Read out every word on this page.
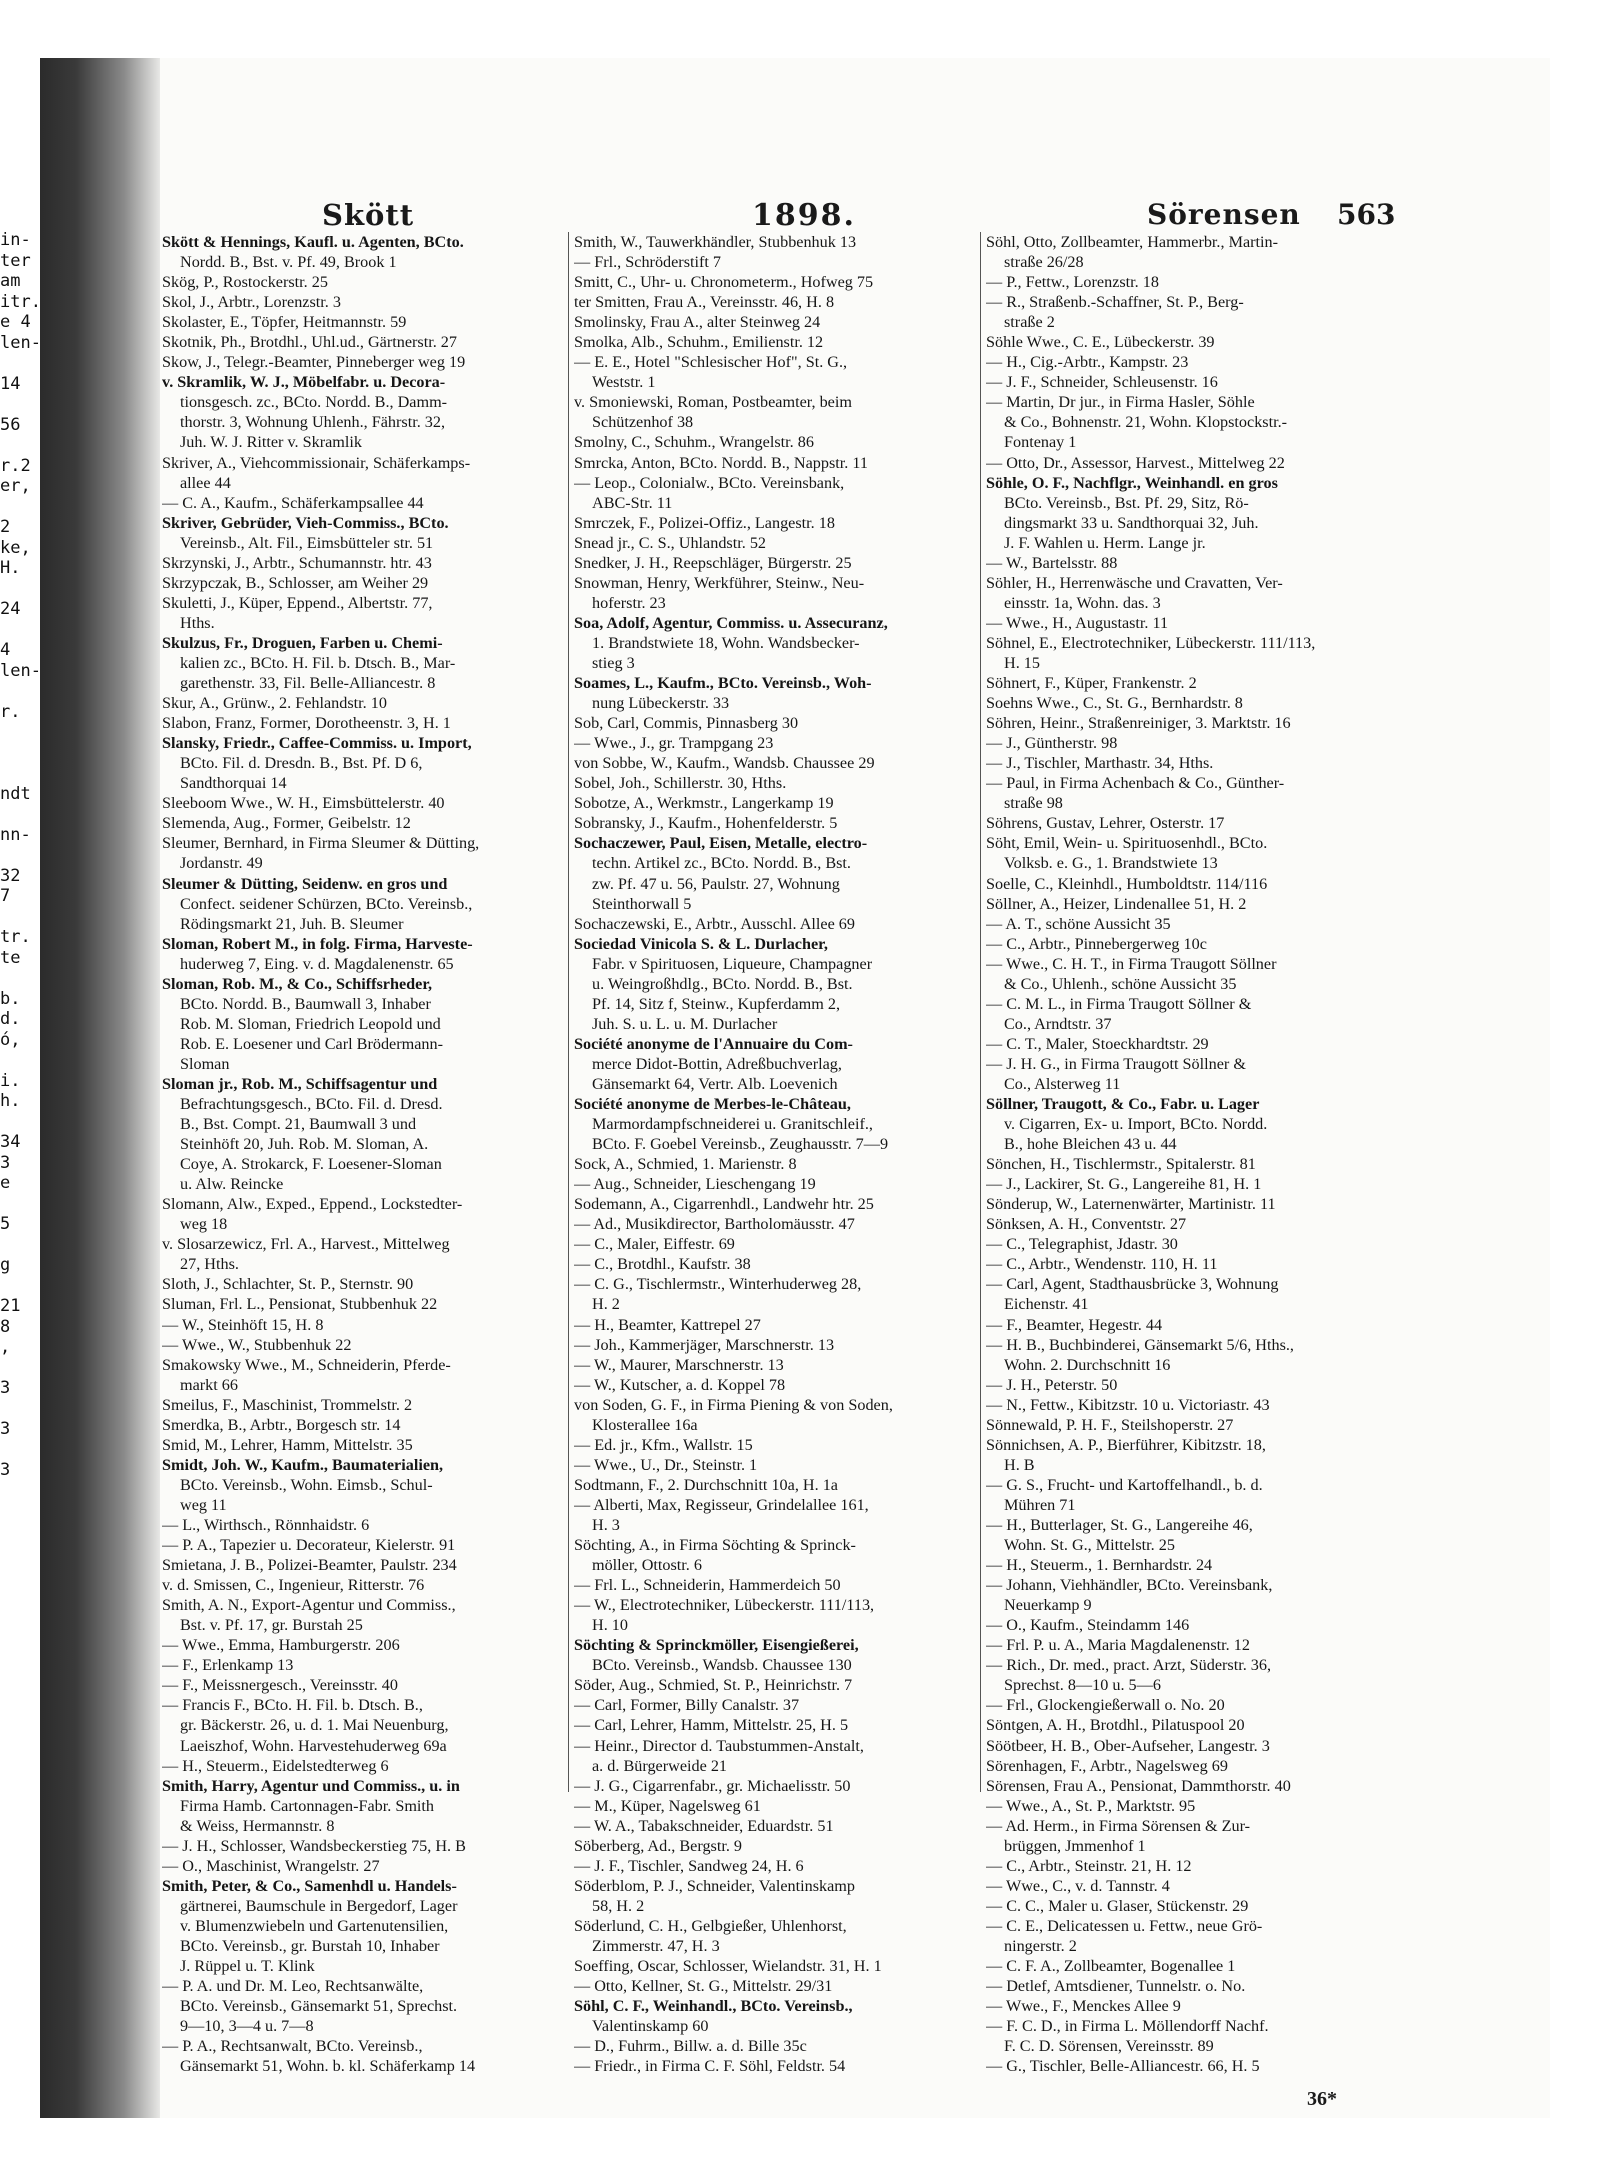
in-
ter
am
itr.
e 4
len-
14
56
r.2
er,
2
ke,
H.
24
4
len-
r.
ndt
nn-
32
7
tr.
te
b.
d.
ó,
i.
h.
34
3
e
5
g
21
8
,
3
3
3
Skött	1898.	Sörensen 563
Skött & Hennings, Kaufl. u. Agenten, BCto.
Nordd. B., Bst. v. Pf. 49, Brook 1
Skög, P., Rostockerstr. 25
Skol, J., Arbtr., Lorenzstr. 3
Skolaster, E., Töpfer, Heitmannstr. 59
Skotnik, Ph., Brotdhl., Uhl.ud., Gärtnerstr. 27
Skow, J., Telegr.-Beamter, Pinneberger weg 19
v. Skramlik, W. J., Möbelfabr. u. Decora-
tionsgesch. zc., BCto. Nordd. B., Damm-
thorstr. 3, Wohnung Uhlenh., Fährstr. 32,
Juh. W. J. Ritter v. Skramlik
Skriver, A., Viehcommissionair, Schäferkamps-
allee 44
— C. A., Kaufm., Schäferkampsallee 44
Skriver, Gebrüder, Vieh-Commiss., BCto.
Vereinsb., Alt. Fil., Eimsbütteler str. 51
Skrzynski, J., Arbtr., Schumannstr. htr. 43
Skrzypczak, B., Schlosser, am Weiher 29
Skuletti, J., Küper, Eppend., Albertstr. 77,
Hths.
Skulzus, Fr., Droguen, Farben u. Chemi-
kalien zc., BCto. H. Fil. b. Dtsch. B., Mar-
garethenstr. 33, Fil. Belle-Alliancestr. 8
Skur, A., Grünw., 2. Fehlandstr. 10
Slabon, Franz, Former, Dorotheenstr. 3, H. 1
Slansky, Friedr., Caffee-Commiss. u. Import,
BCto. Fil. d. Dresdn. B., Bst. Pf. D 6,
Sandthorquai 14
Sleeboom Wwe., W. H., Eimsbüttelerstr. 40
Slemenda, Aug., Former, Geibelstr. 12
Sleumer, Bernhard, in Firma Sleumer & Dütting,
Jordanstr. 49
Sleumer & Dütting, Seidenw. en gros und
Confect. seidener Schürzen, BCto. Vereinsb.,
Rödingsmarkt 21, Juh. B. Sleumer
Sloman, Robert M., in folg. Firma, Harveste-
huderweg 7, Eing. v. d. Magdalenenstr. 65
Sloman, Rob. M., & Co., Schiffsrheder,
BCto. Nordd. B., Baumwall 3, Inhaber
Rob. M. Sloman, Friedrich Leopold und
Rob. E. Loesener und Carl Brödermann-
Sloman
Sloman jr., Rob. M., Schiffsagentur und
Befrachtungsgesch., BCto. Fil. d. Dresd.
B., Bst. Compt. 21, Baumwall 3 und
Steinhöft 20, Juh. Rob. M. Sloman, A.
Coye, A. Strokarck, F. Loesener-Sloman
u. Alw. Reincke
Slomann, Alw., Exped., Eppend., Lockstedter-
weg 18
v. Slosarzewicz, Frl. A., Harvest., Mittelweg
27, Hths.
Sloth, J., Schlachter, St. P., Sternstr. 90
Sluman, Frl. L., Pensionat, Stubbenhuk 22
— W., Steinhöft 15, H. 8
— Wwe., W., Stubbenhuk 22
Smakowsky Wwe., M., Schneiderin, Pferde-
markt 66
Smeilus, F., Maschinist, Trommelstr. 2
Smerdka, B., Arbtr., Borgesch str. 14
Smid, M., Lehrer, Hamm, Mittelstr. 35
Smidt, Joh. W., Kaufm., Baumaterialien,
BCto. Vereinsb., Wohn. Eimsb., Schul-
weg 11
— L., Wirthsch., Rönnhaidstr. 6
— P. A., Tapezier u. Decorateur, Kielerstr. 91
Smietana, J. B., Polizei-Beamter, Paulstr. 234
v. d. Smissen, C., Ingenieur, Ritterstr. 76
Smith, A. N., Export-Agentur und Commiss.,
Bst. v. Pf. 17, gr. Burstah 25
— Wwe., Emma, Hamburgerstr. 206
— F., Erlenkamp 13
— F., Meissnergesch., Vereinsstr. 40
— Francis F., BCto. H. Fil. b. Dtsch. B.,
gr. Bäckerstr. 26, u. d. 1. Mai Neuenburg,
Laeiszhof, Wohn. Harvestehuderweg 69a
— H., Steuerm., Eidelstedterweg 6
Smith, Harry, Agentur und Commiss., u. in
Firma Hamb. Cartonnagen-Fabr. Smith
& Weiss, Hermannstr. 8
— J. H., Schlosser, Wandsbeckerstieg 75, H. B
— O., Maschinist, Wrangelstr. 27
Smith, Peter, & Co., Samenhdl u. Handels-
gärtnerei, Baumschule in Bergedorf, Lager
v. Blumenzwiebeln und Gartenutensilien,
BCto. Vereinsb., gr. Burstah 10, Inhaber
J. Rüppel u. T. Klink
— P. A. und Dr. M. Leo, Rechtsanwälte,
BCto. Vereinsb., Gänsemarkt 51, Sprechst.
9—10, 3—4 u. 7—8
— P. A., Rechtsanwalt, BCto. Vereinsb.,
Gänsemarkt 51, Wohn. b. kl. Schäferkamp 14
Smith, W., Tauwerkhändler, Stubbenhuk 13
— Frl., Schröderstift 7
Smitt, C., Uhr- u. Chronometerm., Hofweg 75
ter Smitten, Frau A., Vereinsstr. 46, H. 8
Smolinsky, Frau A., alter Steinweg 24
Smolka, Alb., Schuhm., Emilienstr. 12
— E. E., Hotel "Schlesischer Hof", St. G.,
Weststr. 1
v. Smoniewski, Roman, Postbeamter, beim
Schützenhof 38
Smolny, C., Schuhm., Wrangelstr. 86
Smrcka, Anton, BCto. Nordd. B., Nappstr. 11
— Leop., Colonialw., BCto. Vereinsbank,
ABC-Str. 11
Smrczek, F., Polizei-Offiz., Langestr. 18
Snead jr., C. S., Uhlandstr. 52
Snedker, J. H., Reepschläger, Bürgerstr. 25
Snowman, Henry, Werkführer, Steinw., Neu-
hoferstr. 23
Soa, Adolf, Agentur, Commiss. u. Assecuranz,
1. Brandstwiete 18, Wohn. Wandsbecker-
stieg 3
Soames, L., Kaufm., BCto. Vereinsb., Woh-
nung Lübeckerstr. 33
Sob, Carl, Commis, Pinnasberg 30
— Wwe., J., gr. Trampgang 23
von Sobbe, W., Kaufm., Wandsb. Chaussee 29
Sobel, Joh., Schillerstr. 30, Hths.
Sobotze, A., Werkmstr., Langerkamp 19
Sobransky, J., Kaufm., Hohenfelderstr. 5
Sochaczewer, Paul, Eisen, Metalle, electro-
techn. Artikel zc., BCto. Nordd. B., Bst.
zw. Pf. 47 u. 56, Paulstr. 27, Wohnung
Steinthorwall 5
Sochaczewski, E., Arbtr., Ausschl. Allee 69
Sociedad Vinicola S. & L. Durlacher,
Fabr. v Spirituosen, Liqueure, Champagner
u. Weingroßhdlg., BCto. Nordd. B., Bst.
Pf. 14, Sitz f, Steinw., Kupferdamm 2,
Juh. S. u. L. u. M. Durlacher
Société anonyme de l'Annuaire du Com-
merce Didot-Bottin, Adreßbuchverlag,
Gänsemarkt 64, Vertr. Alb. Loevenich
Société anonyme de Merbes-le-Château,
Marmordampfschneiderei u. Granitschleif.,
BCto. F. Goebel Vereinsb., Zeughausstr. 7—9
Sock, A., Schmied, 1. Marienstr. 8
— Aug., Schneider, Lieschengang 19
Sodemann, A., Cigarrenhdl., Landwehr htr. 25
— Ad., Musikdirector, Bartholomäusstr. 47
— C., Maler, Eiffestr. 69
— C., Brotdhl., Kaufstr. 38
— C. G., Tischlermstr., Winterhuderweg 28,
H. 2
— H., Beamter, Kattrepel 27
— Joh., Kammerjäger, Marschnerstr. 13
— W., Maurer, Marschnerstr. 13
— W., Kutscher, a. d. Koppel 78
von Soden, G. F., in Firma Piening & von Soden,
Klosterallee 16a
— Ed. jr., Kfm., Wallstr. 15
— Wwe., U., Dr., Steinstr. 1
Sodtmann, F., 2. Durchschnitt 10a, H. 1a
— Alberti, Max, Regisseur, Grindelallee 161,
H. 3
Söchting, A., in Firma Söchting & Sprinck-
möller, Ottostr. 6
— Frl. L., Schneiderin, Hammerdeich 50
— W., Electrotechniker, Lübeckerstr. 111/113,
H. 10
Söchting & Sprinckmöller, Eisengießerei,
BCto. Vereinsb., Wandsb. Chaussee 130
Söder, Aug., Schmied, St. P., Heinrichstr. 7
— Carl, Former, Billy Canalstr. 37
— Carl, Lehrer, Hamm, Mittelstr. 25, H. 5
— Heinr., Director d. Taubstummen-Anstalt,
a. d. Bürgerweide 21
— J. G., Cigarrenfabr., gr. Michaelisstr. 50
— M., Küper, Nagelsweg 61
— W. A., Tabakschneider, Eduardstr. 51
Söberberg, Ad., Bergstr. 9
— J. F., Tischler, Sandweg 24, H. 6
Söderblom, P. J., Schneider, Valentinskamp
58, H. 2
Söderlund, C. H., Gelbgießer, Uhlenhorst,
Zimmerstr. 47, H. 3
Soeffing, Oscar, Schlosser, Wielandstr. 31, H. 1
— Otto, Kellner, St. G., Mittelstr. 29/31
Söhl, C. F., Weinhandl., BCto. Vereinsb.,
Valentinskamp 60
— D., Fuhrm., Billw. a. d. Bille 35c
— Friedr., in Firma C. F. Söhl, Feldstr. 54
Söhl, Otto, Zollbeamter, Hammerbr., Martin-
straße 26/28
— P., Fettw., Lorenzstr. 18
— R., Straßenb.-Schaffner, St. P., Berg-
straße 2
Söhle Wwe., C. E., Lübeckerstr. 39
— H., Cig.-Arbtr., Kampstr. 23
— J. F., Schneider, Schleusenstr. 16
— Martin, Dr jur., in Firma Hasler, Söhle
& Co., Bohnenstr. 21, Wohn. Klopstockstr.-
Fontenay 1
— Otto, Dr., Assessor, Harvest., Mittelweg 22
Söhle, O. F., Nachflgr., Weinhandl. en gros
BCto. Vereinsb., Bst. Pf. 29, Sitz, Rö-
dingsmarkt 33 u. Sandthorquai 32, Juh.
J. F. Wahlen u. Herm. Lange jr.
— W., Bartelsstr. 88
Söhler, H., Herrenwäsche und Cravatten, Ver-
einsstr. 1a, Wohn. das. 3
— Wwe., H., Augustastr. 11
Söhnel, E., Electrotechniker, Lübeckerstr. 111/113,
H. 15
Söhnert, F., Küper, Frankenstr. 2
Soehns Wwe., C., St. G., Bernhardstr. 8
Söhren, Heinr., Straßenreiniger, 3. Marktstr. 16
— J., Güntherstr. 98
— J., Tischler, Marthastr. 34, Hths.
— Paul, in Firma Achenbach & Co., Günther-
straße 98
Söhrens, Gustav, Lehrer, Osterstr. 17
Söht, Emil, Wein- u. Spirituosenhdl., BCto.
Volksb. e. G., 1. Brandstwiete 13
Soelle, C., Kleinhdl., Humboldtstr. 114/116
Söllner, A., Heizer, Lindenallee 51, H. 2
— A. T., schöne Aussicht 35
— C., Arbtr., Pinnebergerweg 10c
— Wwe., C. H. T., in Firma Traugott Söllner
& Co., Uhlenh., schöne Aussicht 35
— C. M. L., in Firma Traugott Söllner &
Co., Arndtstr. 37
— C. T., Maler, Stoeckhardtstr. 29
— J. H. G., in Firma Traugott Söllner &
Co., Alsterweg 11
Söllner, Traugott, & Co., Fabr. u. Lager
v. Cigarren, Ex- u. Import, BCto. Nordd.
B., hohe Bleichen 43 u. 44
Sönchen, H., Tischlermstr., Spitalerstr. 81
— J., Lackirer, St. G., Langereihe 81, H. 1
Sönderup, W., Laternenwärter, Martinistr. 11
Sönksen, A. H., Conventstr. 27
— C., Telegraphist, Jdastr. 30
— C., Arbtr., Wendenstr. 110, H. 11
— Carl, Agent, Stadthausbrücke 3, Wohnung
Eichenstr. 41
— F., Beamter, Hegestr. 44
— H. B., Buchbinderei, Gänsemarkt 5/6, Hths.,
Wohn. 2. Durchschnitt 16
— J. H., Peterstr. 50
— N., Fettw., Kibitzstr. 10 u. Victoriastr. 43
Sönnewald, P. H. F., Steilshoperstr. 27
Sönnichsen, A. P., Bierführer, Kibitzstr. 18,
H. B
— G. S., Frucht- und Kartoffelhandl., b. d.
Mühren 71
— H., Butterlager, St. G., Langereihe 46,
Wohn. St. G., Mittelstr. 25
— H., Steuerm., 1. Bernhardstr. 24
— Johann, Viehhändler, BCto. Vereinsbank,
Neuerkamp 9
— O., Kaufm., Steindamm 146
— Frl. P. u. A., Maria Magdalenenstr. 12
— Rich., Dr. med., pract. Arzt, Süderstr. 36,
Sprechst. 8—10 u. 5—6
— Frl., Glockengießerwall o. No. 20
Söntgen, A. H., Brotdhl., Pilatuspool 20
Söötbeer, H. B., Ober-Aufseher, Langestr. 3
Sörenhagen, F., Arbtr., Nagelsweg 69
Sörensen, Frau A., Pensionat, Dammthorstr. 40
— Wwe., A., St. P., Marktstr. 95
— Ad. Herm., in Firma Sörensen & Zur-
brüggen, Jmmenhof 1
— C., Arbtr., Steinstr. 21, H. 12
— Wwe., C., v. d. Tannstr. 4
— C. C., Maler u. Glaser, Stückenstr. 29
— C. E., Delicatessen u. Fettw., neue Grö-
ningerstr. 2
— C. F. A., Zollbeamter, Bogenallee 1
— Detlef, Amtsdiener, Tunnelstr. o. No.
— Wwe., F., Menckes Allee 9
— F. C. D., in Firma L. Möllendorff Nachf.
F. C. D. Sörensen, Vereinsstr. 89
— G., Tischler, Belle-Alliancestr. 66, H. 5
36*
